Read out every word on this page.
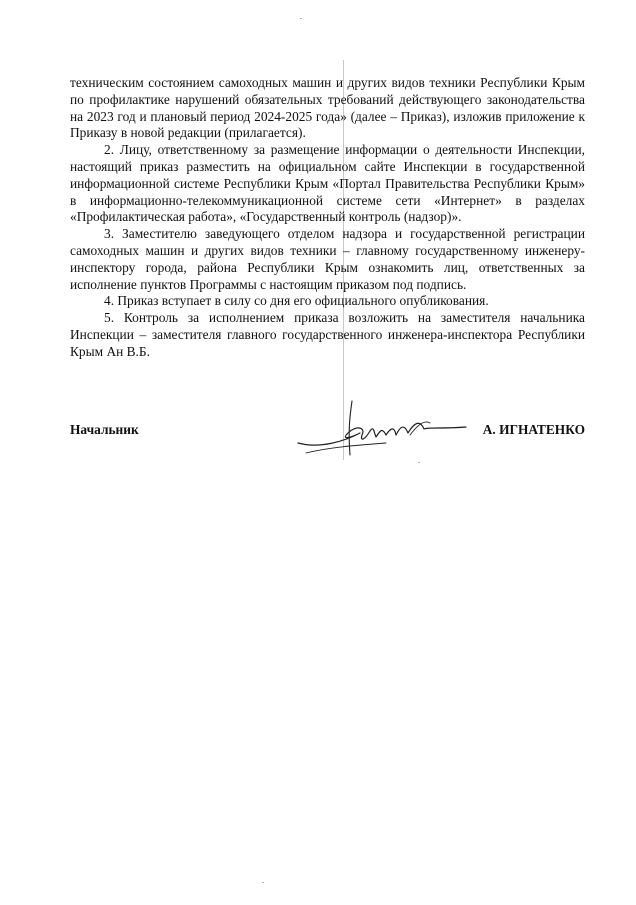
техническим состоянием самоходных машин и других видов техники Республики Крым по профилактике нарушений обязательных требований действующего законодательства на 2023 год и плановый период 2024-2025 года» (далее – Приказ), изложив приложение к Приказу в новой редакции (прилагается).

2. Лицу, ответственному за размещение информации о деятельности Инспекции, настоящий приказ разместить на официальном сайте Инспекции в государственной информационной системе Республики Крым «Портал Правительства Республики Крым» в информационно-телекоммуникационной системе сети «Интернет» в разделах «Профилактическая работа», «Государственный контроль (надзор)».

3. Заместителю заведующего отделом надзора и государственной регистрации самоходных машин и других видов техники – главному государственному инженеру-инспектору города, района Республики Крым ознакомить лиц, ответственных за исполнение пунктов Программы с настоящим приказом под подпись.

4. Приказ вступает в силу со дня его официального опубликования.

5. Контроль за исполнением приказа возложить на заместителя начальника Инспекции – заместителя главного государственного инженера-инспектора Республики Крым Ан В.Б.

Начальник	А. ИГНАТЕНКО
